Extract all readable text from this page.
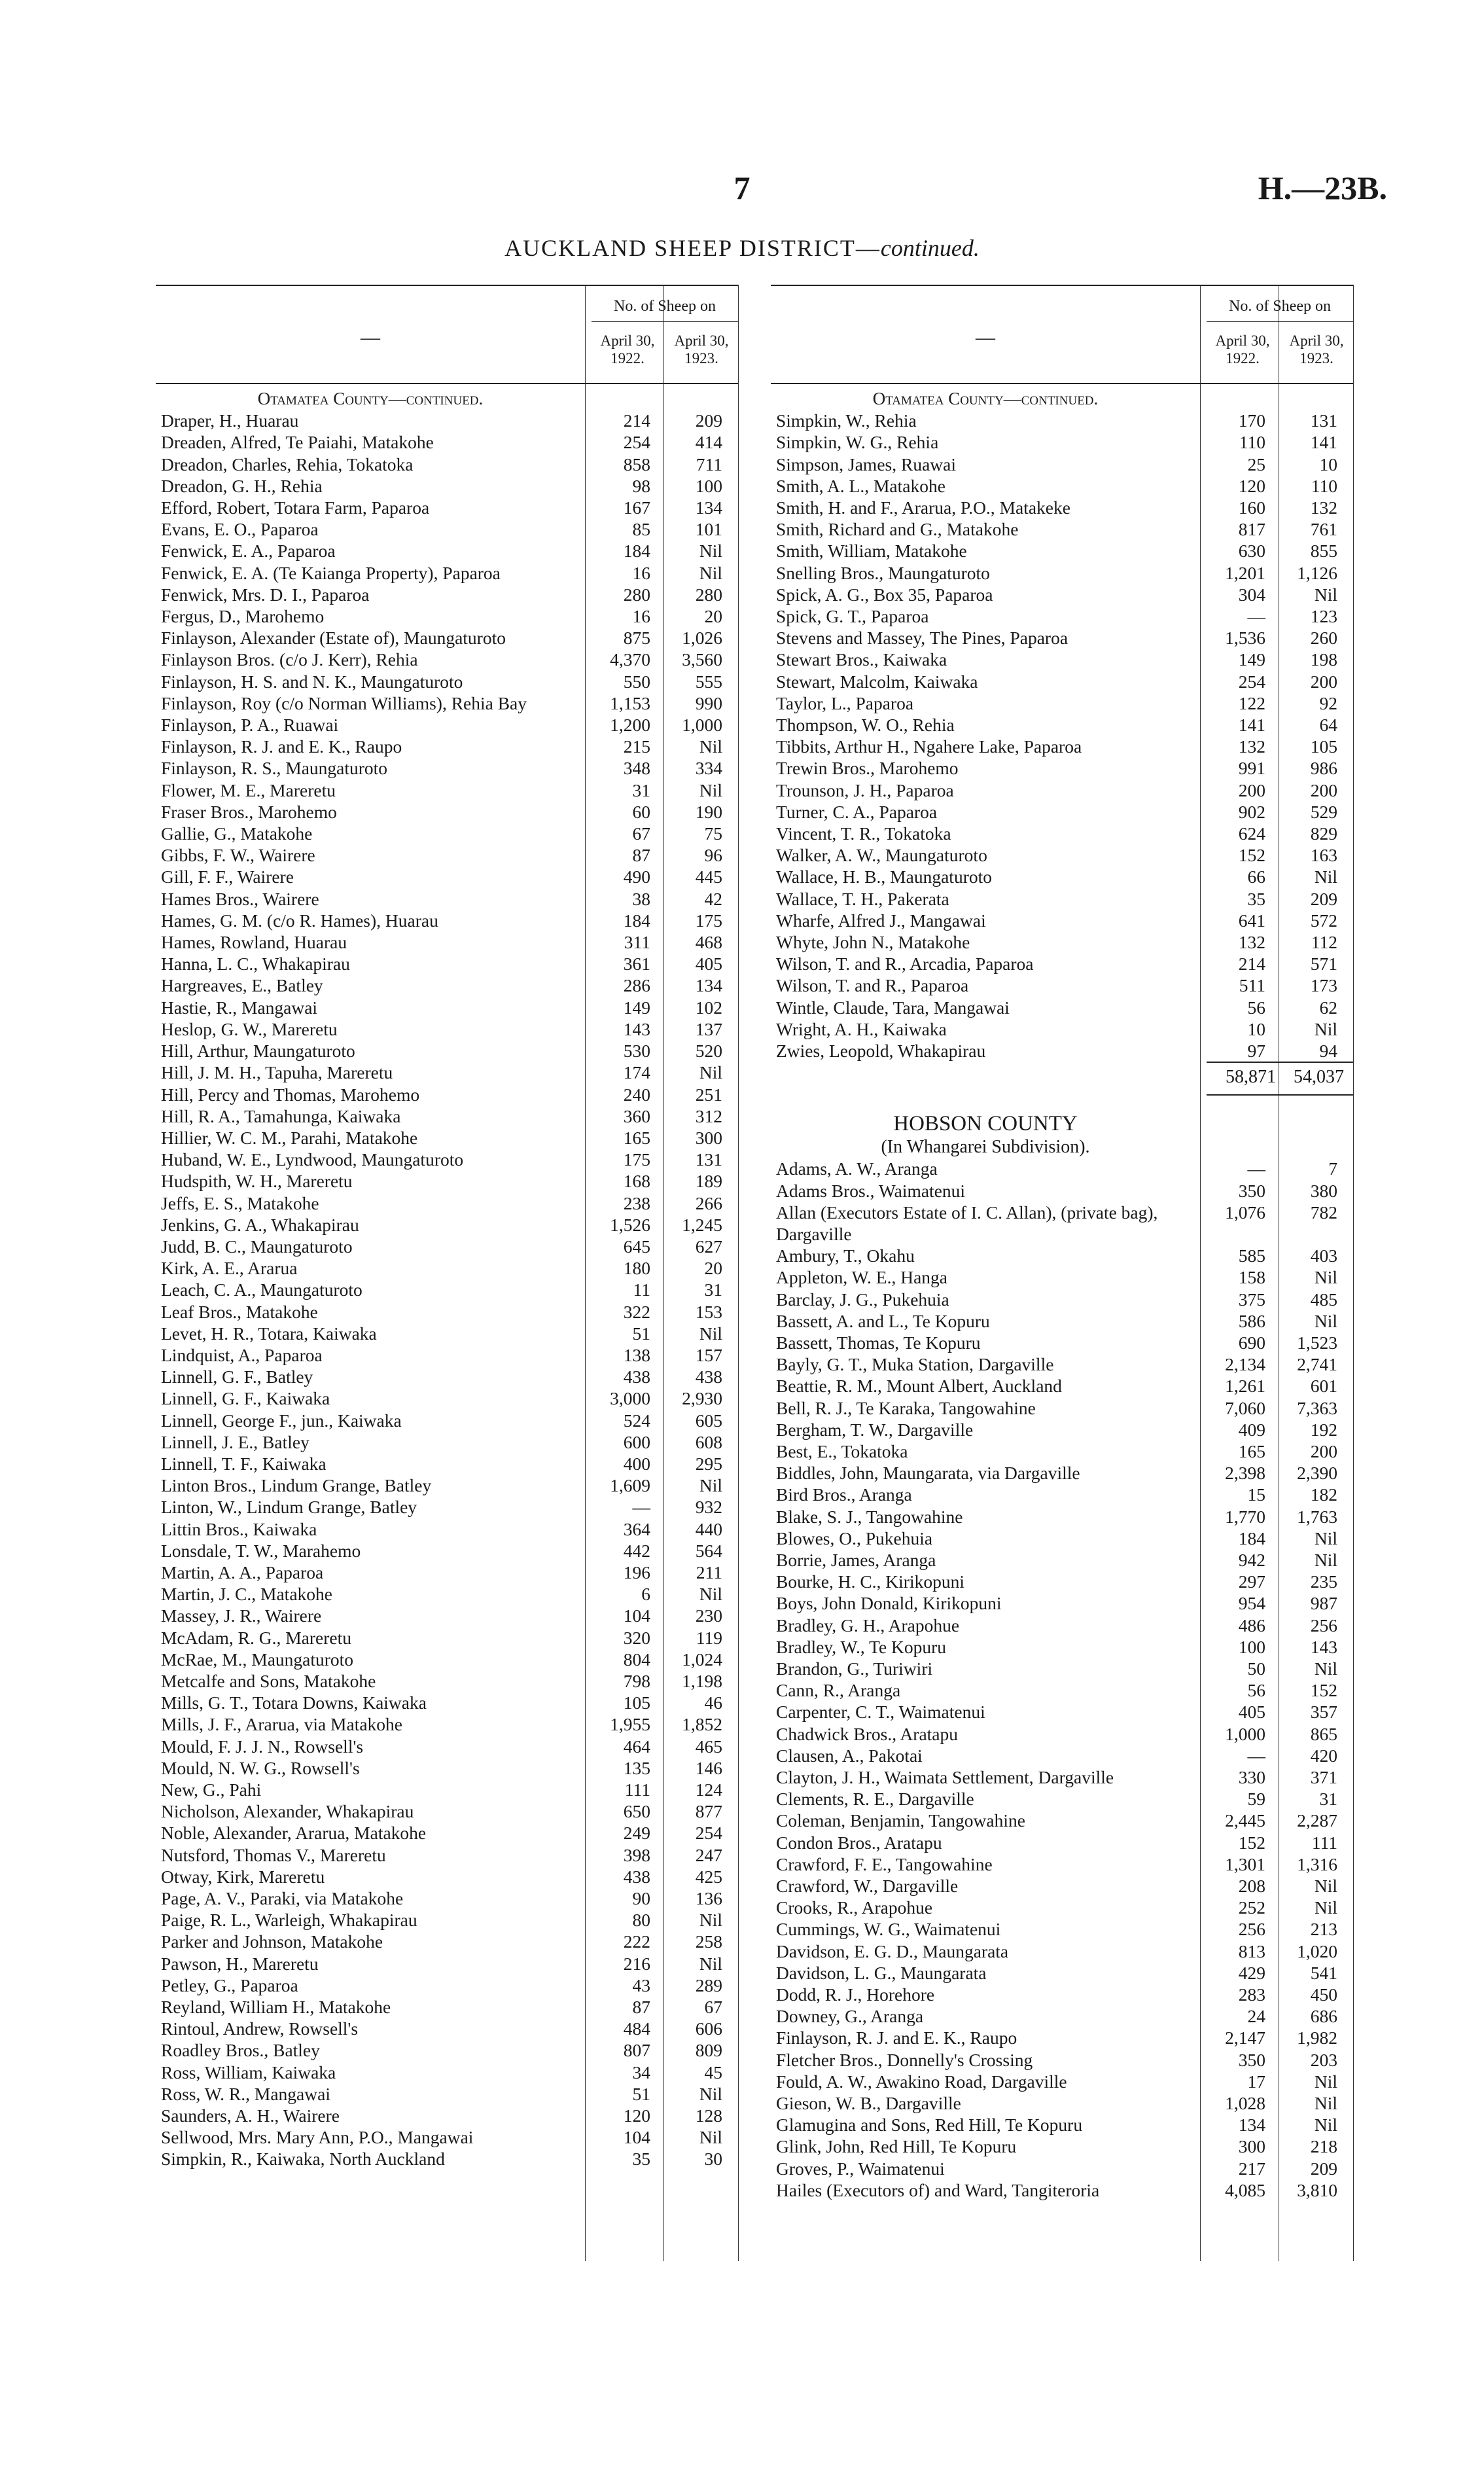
7	H.—23B.
AUCKLAND SHEEP DISTRICT—continued.
—
No. of Sheep on
April 30,
1922.
April 30,
1923.
Otamatea County—continued.
Draper, H., Huarau	214	209
Dreaden, Alfred, Te Paiahi, Matakohe	254	414
Dreadon, Charles, Rehia, Tokatoka	858	711
Dreadon, G. H., Rehia	98	100
Efford, Robert, Totara Farm, Paparoa	167	134
Evans, E. O., Paparoa	85	101
Fenwick, E. A., Paparoa	184	Nil
Fenwick, E. A. (Te Kaianga Property), Paparoa	16	Nil
Fenwick, Mrs. D. I., Paparoa	280	280
Fergus, D., Marohemo	16	20
Finlayson, Alexander (Estate of), Maungaturoto	875	1,026
Finlayson Bros. (c/o J. Kerr), Rehia	4,370	3,560
Finlayson, H. S. and N. K., Maungaturoto	550	555
Finlayson, Roy (c/o Norman Williams), Rehia Bay	1,153	990
Finlayson, P. A., Ruawai	1,200	1,000
Finlayson, R. J. and E. K., Raupo	215	Nil
Finlayson, R. S., Maungaturoto	348	334
Flower, M. E., Mareretu	31	Nil
Fraser Bros., Marohemo	60	190
Gallie, G., Matakohe	67	75
Gibbs, F. W., Wairere	87	96
Gill, F. F., Wairere	490	445
Hames Bros., Wairere	38	42
Hames, G. M. (c/o R. Hames), Huarau	184	175
Hames, Rowland, Huarau	311	468
Hanna, L. C., Whakapirau	361	405
Hargreaves, E., Batley	286	134
Hastie, R., Mangawai	149	102
Heslop, G. W., Mareretu	143	137
Hill, Arthur, Maungaturoto	530	520
Hill, J. M. H., Tapuha, Mareretu	174	Nil
Hill, Percy and Thomas, Marohemo	240	251
Hill, R. A., Tamahunga, Kaiwaka	360	312
Hillier, W. C. M., Parahi, Matakohe	165	300
Huband, W. E., Lyndwood, Maungaturoto	175	131
Hudspith, W. H., Mareretu	168	189
Jeffs, E. S., Matakohe	238	266
Jenkins, G. A., Whakapirau	1,526	1,245
Judd, B. C., Maungaturoto	645	627
Kirk, A. E., Ararua	180	20
Leach, C. A., Maungaturoto	11	31
Leaf Bros., Matakohe	322	153
Levet, H. R., Totara, Kaiwaka	51	Nil
Lindquist, A., Paparoa	138	157
Linnell, G. F., Batley	438	438
Linnell, G. F., Kaiwaka	3,000	2,930
Linnell, George F., jun., Kaiwaka	524	605
Linnell, J. E., Batley	600	608
Linnell, T. F., Kaiwaka	400	295
Linton Bros., Lindum Grange, Batley	1,609	Nil
Linton, W., Lindum Grange, Batley	—	932
Littin Bros., Kaiwaka	364	440
Lonsdale, T. W., Marahemo	442	564
Martin, A. A., Paparoa	196	211
Martin, J. C., Matakohe	6	Nil
Massey, J. R., Wairere	104	230
McAdam, R. G., Mareretu	320	119
McRae, M., Maungaturoto	804	1,024
Metcalfe and Sons, Matakohe	798	1,198
Mills, G. T., Totara Downs, Kaiwaka	105	46
Mills, J. F., Ararua, via Matakohe	1,955	1,852
Mould, F. J. J. N., Rowsell's	464	465
Mould, N. W. G., Rowsell's	135	146
New, G., Pahi	111	124
Nicholson, Alexander, Whakapirau	650	877
Noble, Alexander, Ararua, Matakohe	249	254
Nutsford, Thomas V., Mareretu	398	247
Otway, Kirk, Mareretu	438	425
Page, A. V., Paraki, via Matakohe	90	136
Paige, R. L., Warleigh, Whakapirau	80	Nil
Parker and Johnson, Matakohe	222	258
Pawson, H., Mareretu	216	Nil
Petley, G., Paparoa	43	289
Reyland, William H., Matakohe	87	67
Rintoul, Andrew, Rowsell's	484	606
Roadley Bros., Batley	807	809
Ross, William, Kaiwaka	34	45
Ross, W. R., Mangawai	51	Nil
Saunders, A. H., Wairere	120	128
Sellwood, Mrs. Mary Ann, P.O., Mangawai	104	Nil
Simpkin, R., Kaiwaka, North Auckland	35	30
—
No. of Sheep on
April 30,
1922.
April 30,
1923.
Otamatea County—continued.
Simpkin, W., Rehia	170	131
Simpkin, W. G., Rehia	110	141
Simpson, James, Ruawai	25	10
Smith, A. L., Matakohe	120	110
Smith, H. and F., Ararua, P.O., Matakeke	160	132
Smith, Richard and G., Matakohe	817	761
Smith, William, Matakohe	630	855
Snelling Bros., Maungaturoto	1,201	1,126
Spick, A. G., Box 35, Paparoa	304	Nil
Spick, G. T., Paparoa	—	123
Stevens and Massey, The Pines, Paparoa	1,536	260
Stewart Bros., Kaiwaka	149	198
Stewart, Malcolm, Kaiwaka	254	200
Taylor, L., Paparoa	122	92
Thompson, W. O., Rehia	141	64
Tibbits, Arthur H., Ngahere Lake, Paparoa	132	105
Trewin Bros., Marohemo	991	986
Trounson, J. H., Paparoa	200	200
Turner, C. A., Paparoa	902	529
Vincent, T. R., Tokatoka	624	829
Walker, A. W., Maungaturoto	152	163
Wallace, H. B., Maungaturoto	66	Nil
Wallace, T. H., Pakerata	35	209
Wharfe, Alfred J., Mangawai	641	572
Whyte, John N., Matakohe	132	112
Wilson, T. and R., Arcadia, Paparoa	214	571
Wilson, T. and R., Paparoa	511	173
Wintle, Claude, Tara, Mangawai	56	62
Wright, A. H., Kaiwaka	10	Nil
Zwies, Leopold, Whakapirau	97	94
58,871 54,037
HOBSON COUNTY
(In Whangarei Subdivision).
Adams, A. W., Aranga	—	7
Adams Bros., Waimatenui	350	380
Allan (Executors Estate of I. C. Allan), (private bag), Dargaville
1,076	782
Ambury, T., Okahu	585	403
Appleton, W. E., Hanga	158	Nil
Barclay, J. G., Pukehuia	375	485
Bassett, A. and L., Te Kopuru	586	Nil
Bassett, Thomas, Te Kopuru	690	1,523
Bayly, G. T., Muka Station, Dargaville	2,134	2,741
Beattie, R. M., Mount Albert, Auckland	1,261	601
Bell, R. J., Te Karaka, Tangowahine	7,060	7,363
Bergham, T. W., Dargaville	409	192
Best, E., Tokatoka	165	200
Biddles, John, Maungarata, via Dargaville	2,398	2,390
Bird Bros., Aranga	15	182
Blake, S. J., Tangowahine	1,770	1,763
Blowes, O., Pukehuia	184	Nil
Borrie, James, Aranga	942	Nil
Bourke, H. C., Kirikopuni	297	235
Boys, John Donald, Kirikopuni	954	987
Bradley, G. H., Arapohue	486	256
Bradley, W., Te Kopuru	100	143
Brandon, G., Turiwiri	50	Nil
Cann, R., Aranga	56	152
Carpenter, C. T., Waimatenui	405	357
Chadwick Bros., Aratapu	1,000	865
Clausen, A., Pakotai	—	420
Clayton, J. H., Waimata Settlement, Dargaville	330	371
Clements, R. E., Dargaville	59	31
Coleman, Benjamin, Tangowahine	2,445	2,287
Condon Bros., Aratapu	152	111
Crawford, F. E., Tangowahine	1,301	1,316
Crawford, W., Dargaville	208	Nil
Crooks, R., Arapohue	252	Nil
Cummings, W. G., Waimatenui	256	213
Davidson, E. G. D., Maungarata	813	1,020
Davidson, L. G., Maungarata	429	541
Dodd, R. J., Horehore	283	450
Downey, G., Aranga	24	686
Finlayson, R. J. and E. K., Raupo	2,147	1,982
Fletcher Bros., Donnelly's Crossing	350	203
Fould, A. W., Awakino Road, Dargaville	17	Nil
Gieson, W. B., Dargaville	1,028	Nil
Glamugina and Sons, Red Hill, Te Kopuru	134	Nil
Glink, John, Red Hill, Te Kopuru	300	218
Groves, P., Waimatenui	217	209
Hailes (Executors of) and Ward, Tangiteroria	4,085	3,810
